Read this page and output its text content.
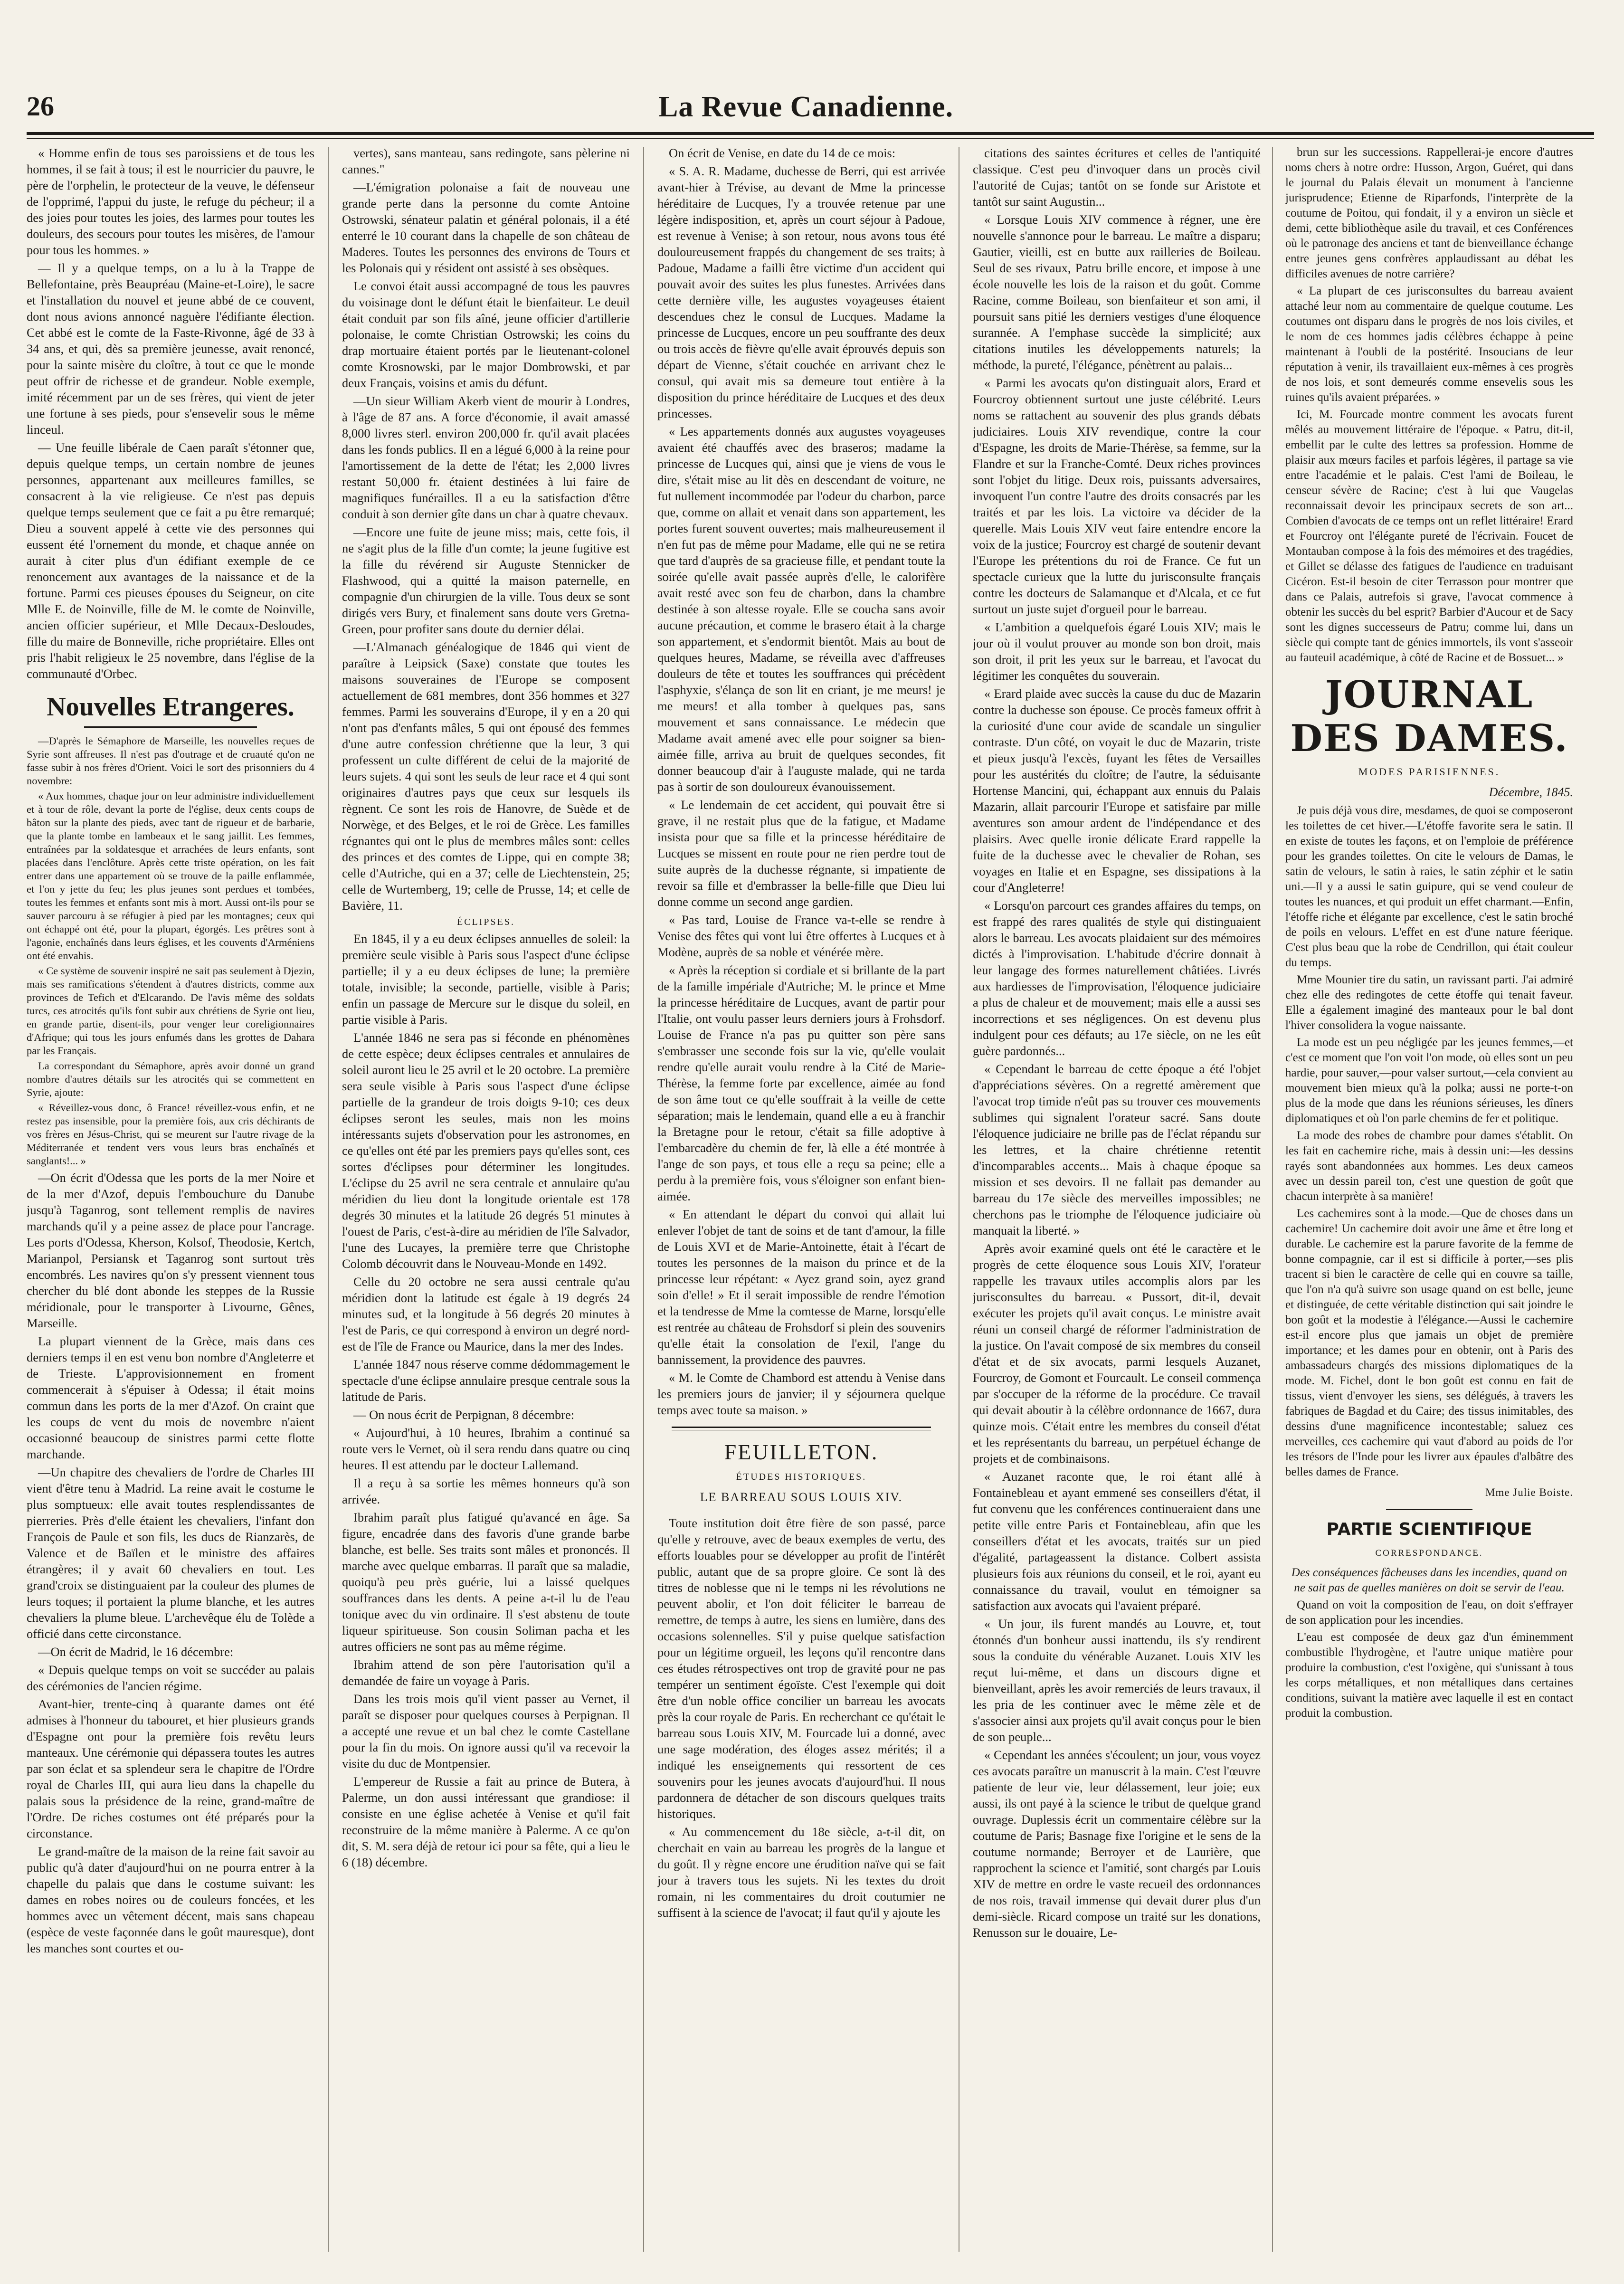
26	La Revue Canadienne.

« Homme enfin de tous ses paroissiens et de tous les hommes, il se fait à tous; il est le nourricier du pauvre, le père de l'orphelin, le protecteur de la veuve, le défenseur de l'opprimé, l'appui du juste, le refuge du pécheur; il a des joies pour toutes les joies, des larmes pour toutes les douleurs, des secours pour toutes les misères, de l'amour pour tous les hommes. »

— Il y a quelque temps, on a lu à la Trappe de Bellefontaine, près Beaupréau (Maine-et-Loire), le sacre et l'installation du nouvel et jeune abbé de ce couvent, dont nous avions annoncé naguère l'édifiante élection. Cet abbé est le comte de la Faste-Rivonne, âgé de 33 à 34 ans, et qui, dès sa première jeunesse, avait renoncé, pour la sainte misère du cloître, à tout ce que le monde peut offrir de richesse et de grandeur. Noble exemple, imité récemment par un de ses frères, qui vient de jeter une fortune à ses pieds, pour s'ensevelir sous le même linceul.

— Une feuille libérale de Caen paraît s'étonner que, depuis quelque temps, un certain nombre de jeunes personnes, appartenant aux meilleures familles, se consacrent à la vie religieuse. Ce n'est pas depuis quelque temps seulement que ce fait a pu être remarqué; Dieu a souvent appelé à cette vie des personnes qui eussent été l'ornement du monde, et chaque année on aurait à citer plus d'un édifiant exemple de ce renoncement aux avantages de la naissance et de la fortune. Parmi ces pieuses épouses du Seigneur, on cite Mlle E. de Noinville, fille de M. le comte de Noinville, ancien officier supérieur, et Mlle Decaux-Desloudes, fille du maire de Bonneville, riche propriétaire. Elles ont pris l'habit religieux le 25 novembre, dans l'église de la communauté d'Orbec.

Nouvelles Etrangeres.

—D'après le Sémaphore de Marseille, les nouvelles reçues de Syrie sont affreuses. Il n'est pas d'outrage et de cruauté qu'on ne fasse subir à nos frères d'Orient. Voici le sort des prisonniers du 4 novembre:

« Aux hommes, chaque jour on leur administre individuellement et à tour de rôle, devant la porte de l'église, deux cents coups de bâton sur la plante des pieds, avec tant de rigueur et de barbarie, que la plante tombe en lambeaux et le sang jaillit. Les femmes, entraînées par la soldatesque et arrachées de leurs enfants, sont placées dans l'enclôture. Après cette triste opération, on les fait entrer dans une appartement où se trouve de la paille enflammée, et l'on y jette du feu; les plus jeunes sont perdues et tombées, toutes les femmes et enfants sont mis à mort. Aussi ont-ils pour se sauver parcouru à se réfugier à pied par les montagnes; ceux qui ont échappé ont été, pour la plupart, égorgés. Les prêtres sont à l'agonie, enchaînés dans leurs églises, et les couvents d'Arméniens ont été envahis.

« Ce système de souvenir inspiré ne sait pas seulement à Djezin, mais ses ramifications s'étendent à d'autres districts, comme aux provinces de Tefich et d'Elcarando. De l'avis même des soldats turcs, ces atrocités qu'ils font subir aux chrétiens de Syrie ont lieu, en grande partie, disent-ils, pour venger leur coreligionnaires d'Afrique; qui tous les jours enfumés dans les grottes de Dahara par les Français.

La correspondant du Sémaphore, après avoir donné un grand nombre d'autres détails sur les atrocités qui se commettent en Syrie, ajoute:

« Réveillez-vous donc, ô France! réveillez-vous enfin, et ne restez pas insensible, pour la première fois, aux cris déchirants de vos frères en Jésus-Christ, qui se meurent sur l'autre rivage de la Méditerranée et tendent vers vous leurs bras enchaînés et sanglants!... »

—On écrit d'Odessa que les ports de la mer Noire et de la mer d'Azof, depuis l'embouchure du Danube jusqu'à Taganrog, sont tellement remplis de navires marchands qu'il y a peine assez de place pour l'ancrage. Les ports d'Odessa, Kherson, Kolsof, Theodosie, Kertch, Marianpol, Persiansk et Taganrog sont surtout très encombrés. Les navires qu'on s'y pressent viennent tous chercher du blé dont abonde les steppes de la Russie méridionale, pour le transporter à Livourne, Gênes, Marseille.

La plupart viennent de la Grèce, mais dans ces derniers temps il en est venu bon nombre d'Angleterre et de Trieste. L'approvisionnement en froment commencerait à s'épuiser à Odessa; il était moins commun dans les ports de la mer d'Azof. On craint que les coups de vent du mois de novembre n'aient occasionné beaucoup de sinistres parmi cette flotte marchande.

—Un chapitre des chevaliers de l'ordre de Charles III vient d'être tenu à Madrid. La reine avait le costume le plus somptueux: elle avait toutes resplendissantes de pierreries. Près d'elle étaient les chevaliers, l'infant don François de Paule et son fils, les ducs de Rianzarès, de Valence et de Baïlen et le ministre des affaires étrangères; il y avait 60 chevaliers en tout. Les grand'croix se distinguaient par la couleur des plumes de leurs toques; il portaient la plume blanche, et les autres chevaliers la plume bleue. L'archevêque élu de Tolède a officié dans cette circonstance.

—On écrit de Madrid, le 16 décembre:

« Depuis quelque temps on voit se succéder au palais des cérémonies de l'ancien régime.

Avant-hier, trente-cinq à quarante dames ont été admises à l'honneur du tabouret, et hier plusieurs grands d'Espagne ont pour la première fois revêtu leurs manteaux. Une cérémonie qui dépassera toutes les autres par son éclat et sa splendeur sera le chapitre de l'Ordre royal de Charles III, qui aura lieu dans la chapelle du palais sous la présidence de la reine, grand-maître de l'Ordre. De riches costumes ont été préparés pour la circonstance.

Le grand-maître de la maison de la reine fait savoir au public qu'à dater d'aujourd'hui on ne pourra entrer à la chapelle du palais que dans le costume suivant: les dames en robes noires ou de couleurs foncées, et les hommes avec un vêtement décent, mais sans chapeau (espèce de veste façonnée dans le goût mauresque), dont les manches sont courtes et ou-

vertes), sans manteau, sans redingote, sans pèlerine ni cannes."

—L'émigration polonaise a fait de nouveau une grande perte dans la personne du comte Antoine Ostrowski, sénateur palatin et général polonais, il a été enterré le 10 courant dans la chapelle de son château de Maderes. Toutes les personnes des environs de Tours et les Polonais qui y résident ont assisté à ses obsèques.

Le convoi était aussi accompagné de tous les pauvres du voisinage dont le défunt était le bienfaiteur. Le deuil était conduit par son fils aîné, jeune officier d'artillerie polonaise, le comte Christian Ostrowski; les coins du drap mortuaire étaient portés par le lieutenant-colonel comte Krosnowski, par le major Dombrowski, et par deux Français, voisins et amis du défunt.

—Un sieur William Akerb vient de mourir à Londres, à l'âge de 87 ans. A force d'économie, il avait amassé 8,000 livres sterl. environ 200,000 fr. qu'il avait placées dans les fonds publics. Il en a légué 6,000 à la reine pour l'amortissement de la dette de l'état; les 2,000 livres restant 50,000 fr. étaient destinées à lui faire de magnifiques funérailles. Il a eu la satisfaction d'être conduit à son dernier gîte dans un char à quatre chevaux.

—Encore une fuite de jeune miss; mais, cette fois, il ne s'agit plus de la fille d'un comte; la jeune fugitive est la fille du révérend sir Auguste Stennicker de Flashwood, qui a quitté la maison paternelle, en compagnie d'un chirurgien de la ville. Tous deux se sont dirigés vers Bury, et finalement sans doute vers Gretna-Green, pour profiter sans doute du dernier délai.

—L'Almanach généalogique de 1846 qui vient de paraître à Leipsick (Saxe) constate que toutes les maisons souveraines de l'Europe se composent actuellement de 681 membres, dont 356 hommes et 327 femmes. Parmi les souverains d'Europe, il y en a 20 qui n'ont pas d'enfants mâles, 5 qui ont épousé des femmes d'une autre confession chrétienne que la leur, 3 qui professent un culte différent de celui de la majorité de leurs sujets. 4 qui sont les seuls de leur race et 4 qui sont originaires d'autres pays que ceux sur lesquels ils règnent. Ce sont les rois de Hanovre, de Suède et de Norwège, et des Belges, et le roi de Grèce. Les familles régnantes qui ont le plus de membres mâles sont: celles des princes et des comtes de Lippe, qui en compte 38; celle d'Autriche, qui en a 37; celle de Liechtenstein, 25; celle de Wurtemberg, 19; celle de Prusse, 14; et celle de Bavière, 11.

ÉCLIPSES.

En 1845, il y a eu deux éclipses annuelles de soleil: la première seule visible à Paris sous l'aspect d'une éclipse partielle; il y a eu deux éclipses de lune; la première totale, invisible; la seconde, partielle, visible à Paris; enfin un passage de Mercure sur le disque du soleil, en partie visible à Paris.

L'année 1846 ne sera pas si féconde en phénomènes de cette espèce; deux éclipses centrales et annulaires de soleil auront lieu le 25 avril et le 20 octobre. La première sera seule visible à Paris sous l'aspect d'une éclipse partielle de la grandeur de trois doigts 9-10; ces deux éclipses seront les seules, mais non les moins intéressants sujets d'observation pour les astronomes, en ce qu'elles ont été par les premiers pays qu'elles sont, ces sortes d'éclipses pour déterminer les longitudes. L'éclipse du 25 avril ne sera centrale et annulaire qu'au méridien du lieu dont la longitude orientale est 178 degrés 30 minutes et la latitude 26 degrés 51 minutes à l'ouest de Paris, c'est-à-dire au méridien de l'île Salvador, l'une des Lucayes, la première terre que Christophe Colomb découvrit dans le Nouveau-Monde en 1492.

Celle du 20 octobre ne sera aussi centrale qu'au méridien dont la latitude est égale à 19 degrés 24 minutes sud, et la longitude à 56 degrés 20 minutes à l'est de Paris, ce qui correspond à environ un degré nord-est de l'île de France ou Maurice, dans la mer des Indes.

L'année 1847 nous réserve comme dédommagement le spectacle d'une éclipse annulaire presque centrale sous la latitude de Paris.

— On nous écrit de Perpignan, 8 décembre:

« Aujourd'hui, à 10 heures, Ibrahim a continué sa route vers le Vernet, où il sera rendu dans quatre ou cinq heures. Il est attendu par le docteur Lallemand.

Il a reçu à sa sortie les mêmes honneurs qu'à son arrivée.

Ibrahim paraît plus fatigué qu'avancé en âge. Sa figure, encadrée dans des favoris d'une grande barbe blanche, est belle. Ses traits sont mâles et prononcés. Il marche avec quelque embarras. Il paraît que sa maladie, quoiqu'à peu près guérie, lui a laissé quelques souffrances dans les dents. A peine a-t-il lu de l'eau tonique avec du vin ordinaire. Il s'est abstenu de toute liqueur spiritueuse. Son cousin Soliman pacha et les autres officiers ne sont pas au même régime.

Ibrahim attend de son père l'autorisation qu'il a demandée de faire un voyage à Paris.

Dans les trois mois qu'il vient passer au Vernet, il paraît se disposer pour quelques courses à Perpignan. Il a accepté une revue et un bal chez le comte Castellane pour la fin du mois. On ignore aussi qu'il va recevoir la visite du duc de Montpensier.

L'empereur de Russie a fait au prince de Butera, à Palerme, un don aussi intéressant que grandiose: il consiste en une église achetée à Venise et qu'il fait reconstruire de la même manière à Palerme. A ce qu'on dit, S. M. sera déjà de retour ici pour sa fête, qui a lieu le 6 (18) décembre.

On écrit de Venise, en date du 14 de ce mois:

« S. A. R. Madame, duchesse de Berri, qui est arrivée avant-hier à Trévise, au devant de Mme la princesse héréditaire de Lucques, l'y a trouvée retenue par une légère indisposition, et, après un court séjour à Padoue, est revenue à Venise; à son retour, nous avons tous été douloureusement frappés du changement de ses traits; à Padoue, Madame a failli être victime d'un accident qui pouvait avoir des suites les plus funestes. Arrivées dans cette dernière ville, les augustes voyageuses étaient descendues chez le consul de Lucques. Madame la princesse de Lucques, encore un peu souffrante des deux ou trois accès de fièvre qu'elle avait éprouvés depuis son départ de Vienne, s'était couchée en arrivant chez le consul, qui avait mis sa demeure tout entière à la disposition du prince héréditaire de Lucques et des deux princesses.

« Les appartements donnés aux augustes voyageuses avaient été chauffés avec des braseros; madame la princesse de Lucques qui, ainsi que je viens de vous le dire, s'était mise au lit dès en descendant de voiture, ne fut nullement incommodée par l'odeur du charbon, parce que, comme on allait et venait dans son appartement, les portes furent souvent ouvertes; mais malheureusement il n'en fut pas de même pour Madame, elle qui ne se retira que tard d'auprès de sa gracieuse fille, et pendant toute la soirée qu'elle avait passée auprès d'elle, le calorifère avait resté avec son feu de charbon, dans la chambre destinée à son altesse royale. Elle se coucha sans avoir aucune précaution, et comme le brasero était à la charge son appartement, et s'endormit bientôt. Mais au bout de quelques heures, Madame, se réveilla avec d'affreuses douleurs de tête et toutes les souffrances qui précèdent l'asphyxie, s'élança de son lit en criant, je me meurs! je me meurs! et alla tomber à quelques pas, sans mouvement et sans connaissance. Le médecin que Madame avait amené avec elle pour soigner sa bien-aimée fille, arriva au bruit de quelques secondes, fit donner beaucoup d'air à l'auguste malade, qui ne tarda pas à sortir de son douloureux évanouissement.

« Le lendemain de cet accident, qui pouvait être si grave, il ne restait plus que de la fatigue, et Madame insista pour que sa fille et la princesse héréditaire de Lucques se missent en route pour ne rien perdre tout de suite auprès de la duchesse régnante, si impatiente de revoir sa fille et d'embrasser la belle-fille que Dieu lui donne comme un second ange gardien.

« Pas tard, Louise de France va-t-elle se rendre à Venise des fêtes qui vont lui être offertes à Lucques et à Modène, auprès de sa noble et vénérée mère.

« Après la réception si cordiale et si brillante de la part de la famille impériale d'Autriche; M. le prince et Mme la princesse héréditaire de Lucques, avant de partir pour l'Italie, ont voulu passer leurs derniers jours à Frohsdorf. Louise de France n'a pas pu quitter son père sans s'embrasser une seconde fois sur la vie, qu'elle voulait rendre qu'elle aurait voulu rendre à la Cité de Marie-Thérèse, la femme forte par excellence, aimée au fond de son âme tout ce qu'elle souffrait à la veille de cette séparation; mais le lendemain, quand elle a eu à franchir la Bretagne pour le retour, c'était sa fille adoptive à l'embarcadère du chemin de fer, là elle a été montrée à l'ange de son pays, et tous elle a reçu sa peine; elle a perdu à la première fois, vous s'éloigner son enfant bien-aimée.

« En attendant le départ du convoi qui allait lui enlever l'objet de tant de soins et de tant d'amour, la fille de Louis XVI et de Marie-Antoinette, était à l'écart de toutes les personnes de la maison du prince et de la princesse leur répétant: « Ayez grand soin, ayez grand soin d'elle! » Et il serait impossible de rendre l'émotion et la tendresse de Mme la comtesse de Marne, lorsqu'elle est rentrée au château de Frohsdorf si plein des souvenirs qu'elle était la consolation de l'exil, l'ange du bannissement, la providence des pauvres.

« M. le Comte de Chambord est attendu à Venise dans les premiers jours de janvier; il y séjournera quelque temps avec toute sa maison. »

FEUILLETON.
ÉTUDES HISTORIQUES.
LE BARREAU SOUS LOUIS XIV.

Toute institution doit être fière de son passé, parce qu'elle y retrouve, avec de beaux exemples de vertu, des efforts louables pour se développer au profit de l'intérêt public, autant que de sa propre gloire. Ce sont là des titres de noblesse que ni le temps ni les révolutions ne peuvent abolir, et l'on doit féliciter le barreau de remettre, de temps à autre, les siens en lumière, dans des occasions solennelles. S'il y puise quelque satisfaction pour un légitime orgueil, les leçons qu'il rencontre dans ces études rétrospectives ont trop de gravité pour ne pas tempérer un sentiment égoïste. C'est l'exemple qui doit être d'un noble office concilier un barreau les avocats près la cour royale de Paris. En recherchant ce qu'était le barreau sous Louis XIV, M. Fourcade lui a donné, avec une sage modération, des éloges assez mérités; il a indiqué les enseignements qui ressortent de ces souvenirs pour les jeunes avocats d'aujourd'hui. Il nous pardonnera de détacher de son discours quelques traits historiques.

« Au commencement du 18e siècle, a-t-il dit, on cherchait en vain au barreau les progrès de la langue et du goût. Il y règne encore une érudition naïve qui se fait jour à travers tous les sujets. Ni les textes du droit romain, ni les commentaires du droit coutumier ne suffisent à la science de l'avocat; il faut qu'il y ajoute les

citations des saintes écritures et celles de l'antiquité classique. C'est peu d'invoquer dans un procès civil l'autorité de Cujas; tantôt on se fonde sur Aristote et tantôt sur saint Augustin...

« Lorsque Louis XIV commence à régner, une ère nouvelle s'annonce pour le barreau. Le maître a disparu; Gautier, vieilli, est en butte aux railleries de Boileau. Seul de ses rivaux, Patru brille encore, et impose à une école nouvelle les lois de la raison et du goût. Comme Racine, comme Boileau, son bienfaiteur et son ami, il poursuit sans pitié les derniers vestiges d'une éloquence surannée. A l'emphase succède la simplicité; aux citations inutiles les développements naturels; la méthode, la pureté, l'élégance, pénètrent au palais...

« Parmi les avocats qu'on distinguait alors, Erard et Fourcroy obtiennent surtout une juste célébrité. Leurs noms se rattachent au souvenir des plus grands débats judiciaires. Louis XIV revendique, contre la cour d'Espagne, les droits de Marie-Thérèse, sa femme, sur la Flandre et sur la Franche-Comté. Deux riches provinces sont l'objet du litige. Deux rois, puissants adversaires, invoquent l'un contre l'autre des droits consacrés par les traités et par les lois. La victoire va décider de la querelle. Mais Louis XIV veut faire entendre encore la voix de la justice; Fourcroy est chargé de soutenir devant l'Europe les prétentions du roi de France. Ce fut un spectacle curieux que la lutte du jurisconsulte français contre les docteurs de Salamanque et d'Alcala, et ce fut surtout un juste sujet d'orgueil pour le barreau.

« L'ambition a quelquefois égaré Louis XIV; mais le jour où il voulut prouver au monde son bon droit, mais son droit, il prit les yeux sur le barreau, et l'avocat du légitimer les conquêtes du souverain.

« Erard plaide avec succès la cause du duc de Mazarin contre la duchesse son épouse. Ce procès fameux offrit à la curiosité d'une cour avide de scandale un singulier contraste. D'un côté, on voyait le duc de Mazarin, triste et pieux jusqu'à l'excès, fuyant les fêtes de Versailles pour les austérités du cloître; de l'autre, la séduisante Hortense Mancini, qui, échappant aux ennuis du Palais Mazarin, allait parcourir l'Europe et satisfaire par mille aventures son amour ardent de l'indépendance et des plaisirs. Avec quelle ironie délicate Erard rappelle la fuite de la duchesse avec le chevalier de Rohan, ses voyages en Italie et en Espagne, ses dissipations à la cour d'Angleterre!

« Lorsqu'on parcourt ces grandes affaires du temps, on est frappé des rares qualités de style qui distinguaient alors le barreau. Les avocats plaidaient sur des mémoires dictés à l'improvisation. L'habitude d'écrire donnait à leur langage des formes naturellement châtiées. Livrés aux hardiesses de l'improvisation, l'éloquence judiciaire a plus de chaleur et de mouvement; mais elle a aussi ses incorrections et ses négligences. On est devenu plus indulgent pour ces défauts; au 17e siècle, on ne les eût guère pardonnés...

« Cependant le barreau de cette époque a été l'objet d'appréciations sévères. On a regretté amèrement que l'avocat trop timide n'eût pas su trouver ces mouvements sublimes qui signalent l'orateur sacré. Sans doute l'éloquence judiciaire ne brille pas de l'éclat répandu sur les lettres, et la chaire chrétienne retentit d'incomparables accents... Mais à chaque époque sa mission et ses devoirs. Il ne fallait pas demander au barreau du 17e siècle des merveilles impossibles; ne cherchons pas le triomphe de l'éloquence judiciaire où manquait la liberté. »

Après avoir examiné quels ont été le caractère et le progrès de cette éloquence sous Louis XIV, l'orateur rappelle les travaux utiles accomplis alors par les jurisconsultes du barreau. « Pussort, dit-il, devait exécuter les projets qu'il avait conçus. Le ministre avait réuni un conseil chargé de réformer l'administration de la justice. On l'avait composé de six membres du conseil d'état et de six avocats, parmi lesquels Auzanet, Fourcroy, de Gomont et Fourcault. Le conseil commença par s'occuper de la réforme de la procédure. Ce travail qui devait aboutir à la célèbre ordonnance de 1667, dura quinze mois. C'était entre les membres du conseil d'état et les représentants du barreau, un perpétuel échange de projets et de combinaisons.

« Auzanet raconte que, le roi étant allé à Fontainebleau et ayant emmené ses conseillers d'état, il fut convenu que les conférences continueraient dans une petite ville entre Paris et Fontainebleau, afin que les conseillers d'état et les avocats, traités sur un pied d'égalité, partageassent la distance. Colbert assista plusieurs fois aux réunions du conseil, et le roi, ayant eu connaissance du travail, voulut en témoigner sa satisfaction aux avocats qui l'avaient préparé.

« Un jour, ils furent mandés au Louvre, et, tout étonnés d'un bonheur aussi inattendu, ils s'y rendirent sous la conduite du vénérable Auzanet. Louis XIV les reçut lui-même, et dans un discours digne et bienveillant, après les avoir remerciés de leurs travaux, il les pria de les continuer avec le même zèle et de s'associer ainsi aux projets qu'il avait conçus pour le bien de son peuple...

« Cependant les années s'écoulent; un jour, vous voyez ces avocats paraître un manuscrit à la main. C'est l'œuvre patiente de leur vie, leur délassement, leur joie; eux aussi, ils ont payé à la science le tribut de quelque grand ouvrage. Duplessis écrit un commentaire célèbre sur la coutume de Paris; Basnage fixe l'origine et le sens de la coutume normande; Berroyer et de Laurière, que rapprochent la science et l'amitié, sont chargés par Louis XIV de mettre en ordre le vaste recueil des ordonnances de nos rois, travail immense qui devait durer plus d'un demi-siècle. Ricard compose un traité sur les donations, Renusson sur le douaire, Le-

brun sur les successions. Rappellerai-je encore d'autres noms chers à notre ordre: Husson, Argon, Guéret, qui dans le journal du Palais élevait un monument à l'ancienne jurisprudence; Etienne de Riparfonds, l'interprète de la coutume de Poitou, qui fondait, il y a environ un siècle et demi, cette bibliothèque asile du travail, et ces Conférences où le patronage des anciens et tant de bienveillance échange entre jeunes gens confrères applaudissant au débat les difficiles avenues de notre carrière?

« La plupart de ces jurisconsultes du barreau avaient attaché leur nom au commentaire de quelque coutume. Les coutumes ont disparu dans le progrès de nos lois civiles, et le nom de ces hommes jadis célèbres échappe à peine maintenant à l'oubli de la postérité. Insoucians de leur réputation à venir, ils travaillaient eux-mêmes à ces progrès de nos lois, et sont demeurés comme ensevelis sous les ruines qu'ils avaient préparées. »

Ici, M. Fourcade montre comment les avocats furent mêlés au mouvement littéraire de l'époque. « Patru, dit-il, embellit par le culte des lettres sa profession. Homme de plaisir aux mœurs faciles et parfois légères, il partage sa vie entre l'académie et le palais. C'est l'ami de Boileau, le censeur sévère de Racine; c'est à lui que Vaugelas reconnaissait devoir les principaux secrets de son art... Combien d'avocats de ce temps ont un reflet littéraire! Erard et Fourcroy ont l'élégante pureté de l'écrivain. Foucet de Montauban compose à la fois des mémoires et des tragédies, et Gillet se délasse des fatigues de l'audience en traduisant Cicéron. Est-il besoin de citer Terrasson pour montrer que dans ce Palais, autrefois si grave, l'avocat commence à obtenir les succès du bel esprit? Barbier d'Aucour et de Sacy sont les dignes successeurs de Patru; comme lui, dans un siècle qui compte tant de génies immortels, ils vont s'asseoir au fauteuil académique, à côté de Racine et de Bossuet... »

JOURNAL DES DAMES.
MODES PARISIENNES.
Décembre, 1845.

Je puis déjà vous dire, mesdames, de quoi se composeront les toilettes de cet hiver.—L'étoffe favorite sera le satin. Il en existe de toutes les façons, et on l'emploie de préférence pour les grandes toilettes. On cite le velours de Damas, le satin de velours, le satin à raies, le satin zéphir et le satin uni.—Il y a aussi le satin guipure, qui se vend couleur de toutes les nuances, et qui produit un effet charmant.—Enfin, l'étoffe riche et élégante par excellence, c'est le satin broché de poils en velours. L'effet en est d'une nature féerique. C'est plus beau que la robe de Cendrillon, qui était couleur du temps.

Mme Mounier tire du satin, un ravissant parti. J'ai admiré chez elle des redingotes de cette étoffe qui tenait faveur. Elle a également imaginé des manteaux pour le bal dont l'hiver consolidera la vogue naissante.

La mode est un peu négligée par les jeunes femmes,—et c'est ce moment que l'on voit l'on mode, où elles sont un peu hardie, pour sauver,—pour valser surtout,—cela convient au mouvement bien mieux qu'à la polka; aussi ne porte-t-on plus de la mode que dans les réunions sérieuses, les dîners diplomatiques et où l'on parle chemins de fer et politique.

La mode des robes de chambre pour dames s'établit. On les fait en cachemire riche, mais à dessin uni:—les dessins rayés sont abandonnées aux hommes. Les deux cameos avec un dessin pareil ton, c'est une question de goût que chacun interprète à sa manière!

Les cachemires sont à la mode.—Que de choses dans un cachemire! Un cachemire doit avoir une âme et être long et durable. Le cachemire est la parure favorite de la femme de bonne compagnie, car il est si difficile à porter,—ses plis tracent si bien le caractère de celle qui en couvre sa taille, que l'on n'a qu'à suivre son usage quand on est belle, jeune et distinguée, de cette véritable distinction qui sait joindre le bon goût et la modestie à l'élégance.—Aussi le cachemire est-il encore plus que jamais un objet de première importance; et les dames pour en obtenir, ont à Paris des ambassadeurs chargés des missions diplomatiques de la mode. M. Fichel, dont le bon goût est connu en fait de tissus, vient d'envoyer les siens, ses délégués, à travers les fabriques de Bagdad et du Caire; des tissus inimitables, des dessins d'une magnificence incontestable; saluez ces merveilles, ces cachemire qui vaut d'abord au poids de l'or les trésors de l'Inde pour les livrer aux épaules d'albâtre des belles dames de France.

Mme Julie Boiste.
PARTIE SCIENTIFIQUE
CORRESPONDANCE.

Des conséquences fâcheuses dans les incendies, quand on ne sait pas de quelles manières on doit se servir de l'eau.

Quand on voit la composition de l'eau, on doit s'effrayer de son application pour les incendies.

L'eau est composée de deux gaz d'un éminemment combustible l'hydrogène, et l'autre unique matière pour produire la combustion, c'est l'oxigène, qui s'unissant à tous les corps métalliques, et non métalliques dans certaines conditions, suivant la matière avec laquelle il est en contact produit la combustion.
